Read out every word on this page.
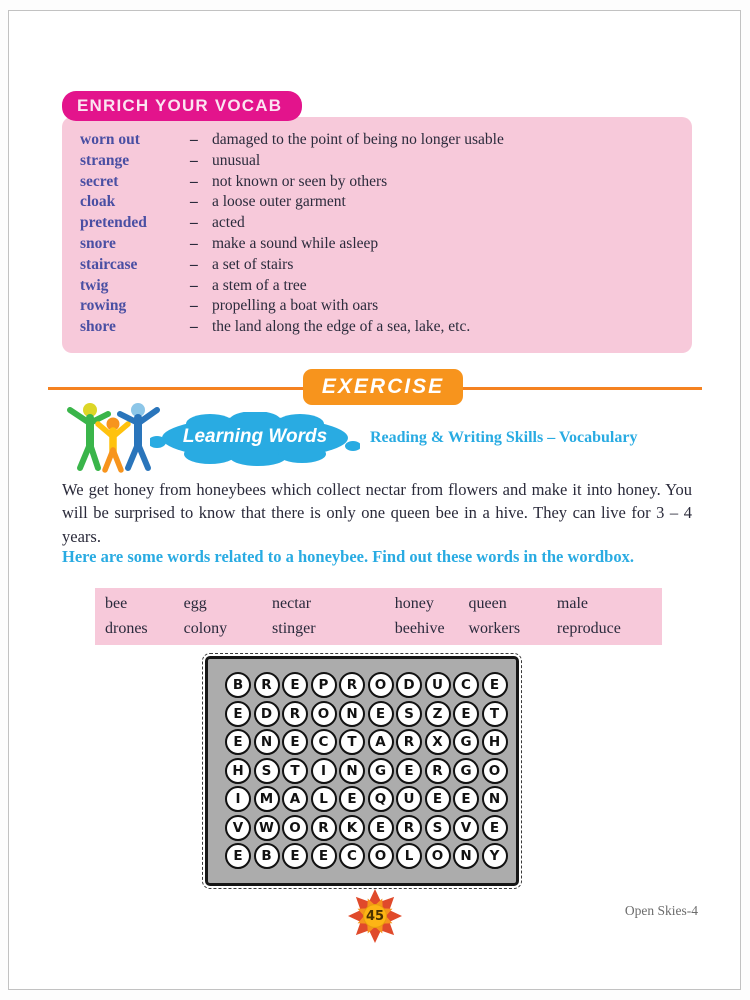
ENRICH YOUR VOCAB
worn out	– damaged to the point of being no longer usable
strange	– unusual
secret	– not known or seen by others
cloak	– a loose outer garment
pretended	– acted
snore	– make a sound while asleep
staircase	– a set of stairs
twig	– a stem of a tree
rowing	– propelling a boat with oars
shore	– the land along the edge of a sea, lake, etc.
EXERCISE
Learning Words	Reading & Writing Skills – Vocabulary
We get honey from honeybees which collect nectar from flowers and make it into honey. You will be surprised to know that there is only one queen bee in a hive. They can live for 3 – 4 years.
Here are some words related to a honeybee. Find out these words in the wordbox.
bee	egg	nectar	honey	queen	male
drones	colony	stinger	beehive	workers	reproduce
B	R	E	P	R	O	D	U	C	E
E	D	R	O	N	E	S	Z	E	T
E	N	E	C	T	A	R	X	G	H
H	S	T	I	N	G	E	R	G	O
I	M	A	L	E	Q	U	E	E	N
V	W	O	R	K	E	R	S	V	E
E	B	E	E	C	O	L	O	N	Y
45	Open Skies-4
